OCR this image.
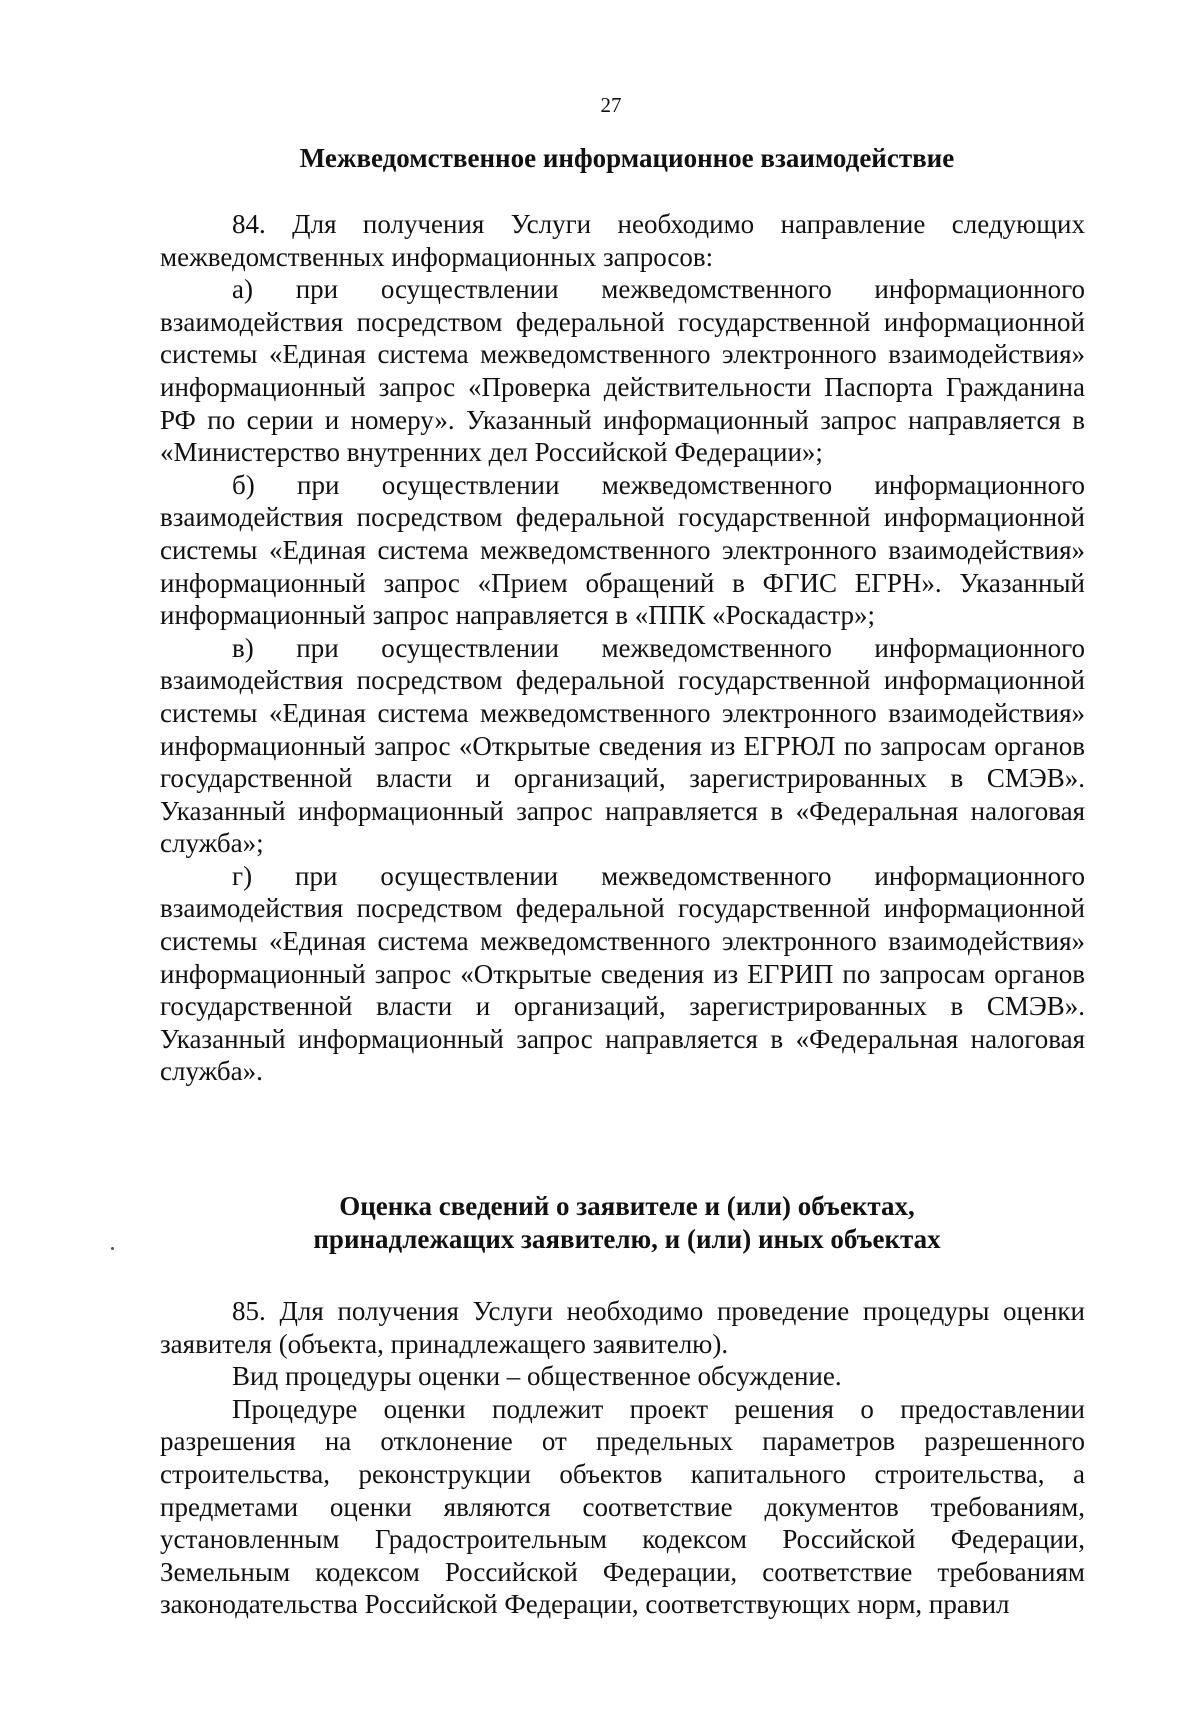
27
Межведомственное информационное взаимодействие

84. Для получения Услуги необходимо направление следующих межведомственных информационных запросов:

а) при осуществлении межведомственного информационного взаимодействия посредством федеральной государственной информационной системы «Единая система межведомственного электронного взаимодействия» информационный запрос «Проверка действительности Паспорта Гражданина РФ по серии и номеру». Указанный информационный запрос направляется в «Министерство внутренних дел Российской Федерации»;

б) при осуществлении межведомственного информационного взаимодействия посредством федеральной государственной информационной системы «Единая система межведомственного электронного взаимодействия» информационный запрос «Прием обращений в ФГИС ЕГРН». Указанный информационный запрос направляется в «ППК «Роскадастр»;

в) при осуществлении межведомственного информационного взаимодействия посредством федеральной государственной информационной системы «Единая система межведомственного электронного взаимодействия» информационный запрос «Открытые сведения из ЕГРЮЛ по запросам органов государственной власти и организаций, зарегистрированных в СМЭВ». Указанный информационный запрос направляется в «Федеральная налоговая служба»;

г) при осуществлении межведомственного информационного взаимодействия посредством федеральной государственной информационной системы «Единая система межведомственного электронного взаимодействия» информационный запрос «Открытые сведения из ЕГРИП по запросам органов государственной власти и организаций, зарегистрированных в СМЭВ». Указанный информационный запрос направляется в «Федеральная налоговая служба».

Оценка сведений о заявителе и (или) объектах,
принадлежащих заявителю, и (или) иных объектах

85. Для получения Услуги необходимо проведение процедуры оценки заявителя (объекта, принадлежащего заявителю).

Вид процедуры оценки – общественное обсуждение.

Процедуре оценки подлежит проект решения о предоставлении разрешения на отклонение от предельных параметров разрешенного строительства, реконструкции объектов капитального строительства, а предметами оценки являются соответствие документов требованиям, установленным Градостроительным кодексом Российской Федерации, Земельным кодексом Российской Федерации, соответствие требованиям законодательства Российской Федерации, соответствующих норм, правил
